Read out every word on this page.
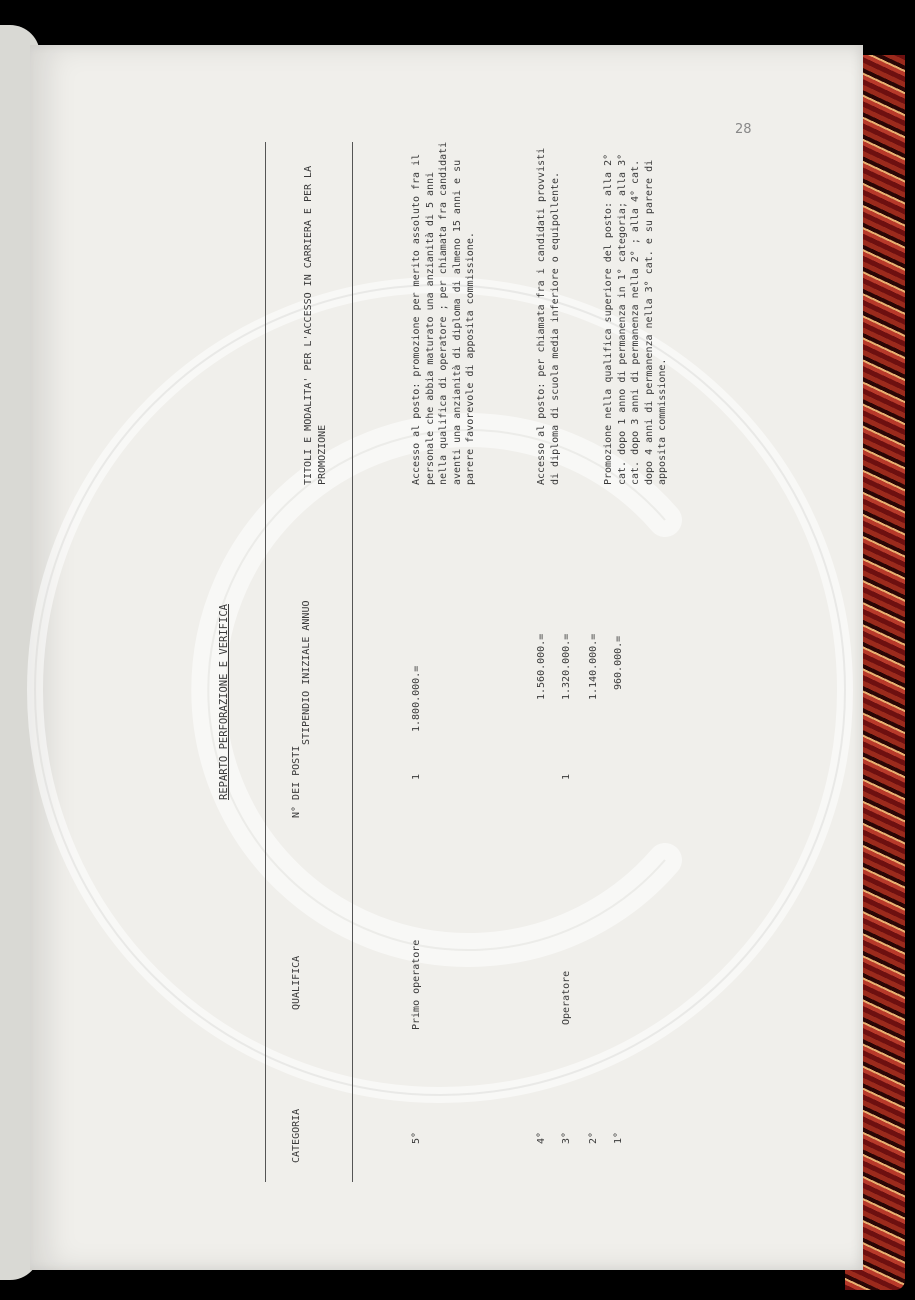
28
REPARTO PERFORAZIONE E VERIFICA
CATEGORIA
QUALIFICA
N° DEI POSTI
STIPENDIO INIZIALE ANNUO
TITOLI E MODALITA' PER L'ACCESSO IN CARRIERA E PER LA PROMOZIONE
5°
Primo operatore
1
1.800.000.=
Accesso al posto: promozione per merito assoluto fra il personale che abbia maturato una anzianità di 5 anni nella qualifica di operatore ; per chiamata fra candidati aventi una anzianità di diploma di almeno 15 anni e su parere favorevole di apposita commissione.
4°
1.560.000.=
Accesso al posto: per chiamata fra i candidati provvisti di diploma di scuola media inferiore o equipollente.
3°
Operatore
1
1.320.000.=
2°
1.140.000.=
1°
960.000.=
Promozione nella qualifica superiore del posto: alla 2° cat. dopo 1 anno di permanenza in 1° categoria; alla 3° cat. dopo 3 anni di permanenza nella 2° ; alla 4° cat. dopo 4 anni di permanenza nella 3° cat. e su parere di apposita commissione.
